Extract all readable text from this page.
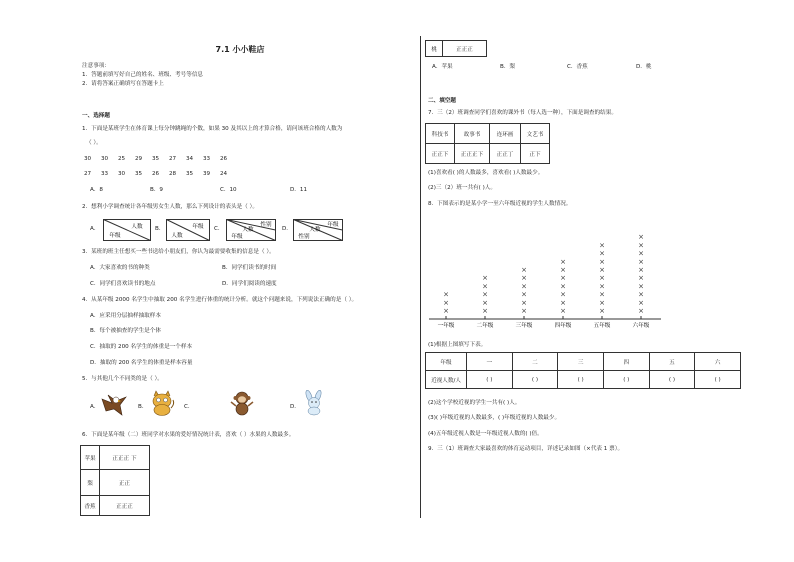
7.1 小小鞋店
注意事项：
1．答题前填写好自己的姓名、班级、考号等信息
2．请将答案正确填写在答题卡上
一、选择题
1．下面是某班学生在体育课上每分钟跳绳的个数，如果 30 及其以上的才算合格，请问该班合格的人数为
（ ）。
30 30 25 29 35 27 34 33 26
27 33 30 35 26 28 35 39 24
A．8	B．9	C．10	D．11
2．想利小学调查统计各年级男女生人数，那么下列设计的表头是（ ）。
A．	人数
年级
B．	年级
人数
C．
性别
人数
年级
D．
年级
人数
性别
3．某班的班主任想买一些书送给小朋友们，你认为最需要收集的信息是（ ）。
A．大家喜欢的书的种类	B．同学们读书的时间
C．同学们喜欢读书的地点	D．同学们阅读的速度
4．从某年级 2000 名学生中抽取 200 名学生进行体重的统计分析。就这个问题来说，下列说法正确的是（ ）。
A．应采用分层抽样抽取样本
B．每个被抽查的学生是个体
C．抽取的 200 名学生的体重是一个样本
D．抽取的 200 名学生的体重是样本容量
5．与其他几个不同类的是（ ）。
A．	B．	C．	D．
6．下面是某年级（二）班同学对水果的爱好情况统计表，喜欢（ ）水果的人数最多。
苹果	正正正 下
梨	正正
香蕉	正正正
桃	正正正
A．苹果	B．梨	C．香蕉	D．桃
二、填空题
7．三（2）班调查同学们喜欢的课外书（每人选一种），下面是调查的结果。
科技书	故事书	连环画	文艺书
正正下	正正正下	正正丁	正下
(1)喜欢看( )的人数最多，喜欢看( )人数最少。
(2)三（2）班一共有( )人。
8．下图表示的是某小学一至六年级近视的学生人数情况。
一年级
×
×
×
二年级
×
×
×
×
×
三年级
×
×
×
×
×
×
四年级
×
×
×
×
×
×
×
五年级
×
×
×
×
×
×
×
×
×
六年级
×
×
×
×
×
×
×
×
×
×
(1)根据上图填写下表。
年级	一	二	三	四	五	六
近视人数/人	( )	( )	( )	( )	( )	( )
(2)这个学校近视的学生一共有( )人。
(3)( )年级近视的人数最多，( )年级近视的人数最少。
(4)五年级近视人数是一年级近视人数的( )倍。
9．三（1）班调查大家最喜欢的体育运动项目，详述记录如图（×代表 1 票）。
